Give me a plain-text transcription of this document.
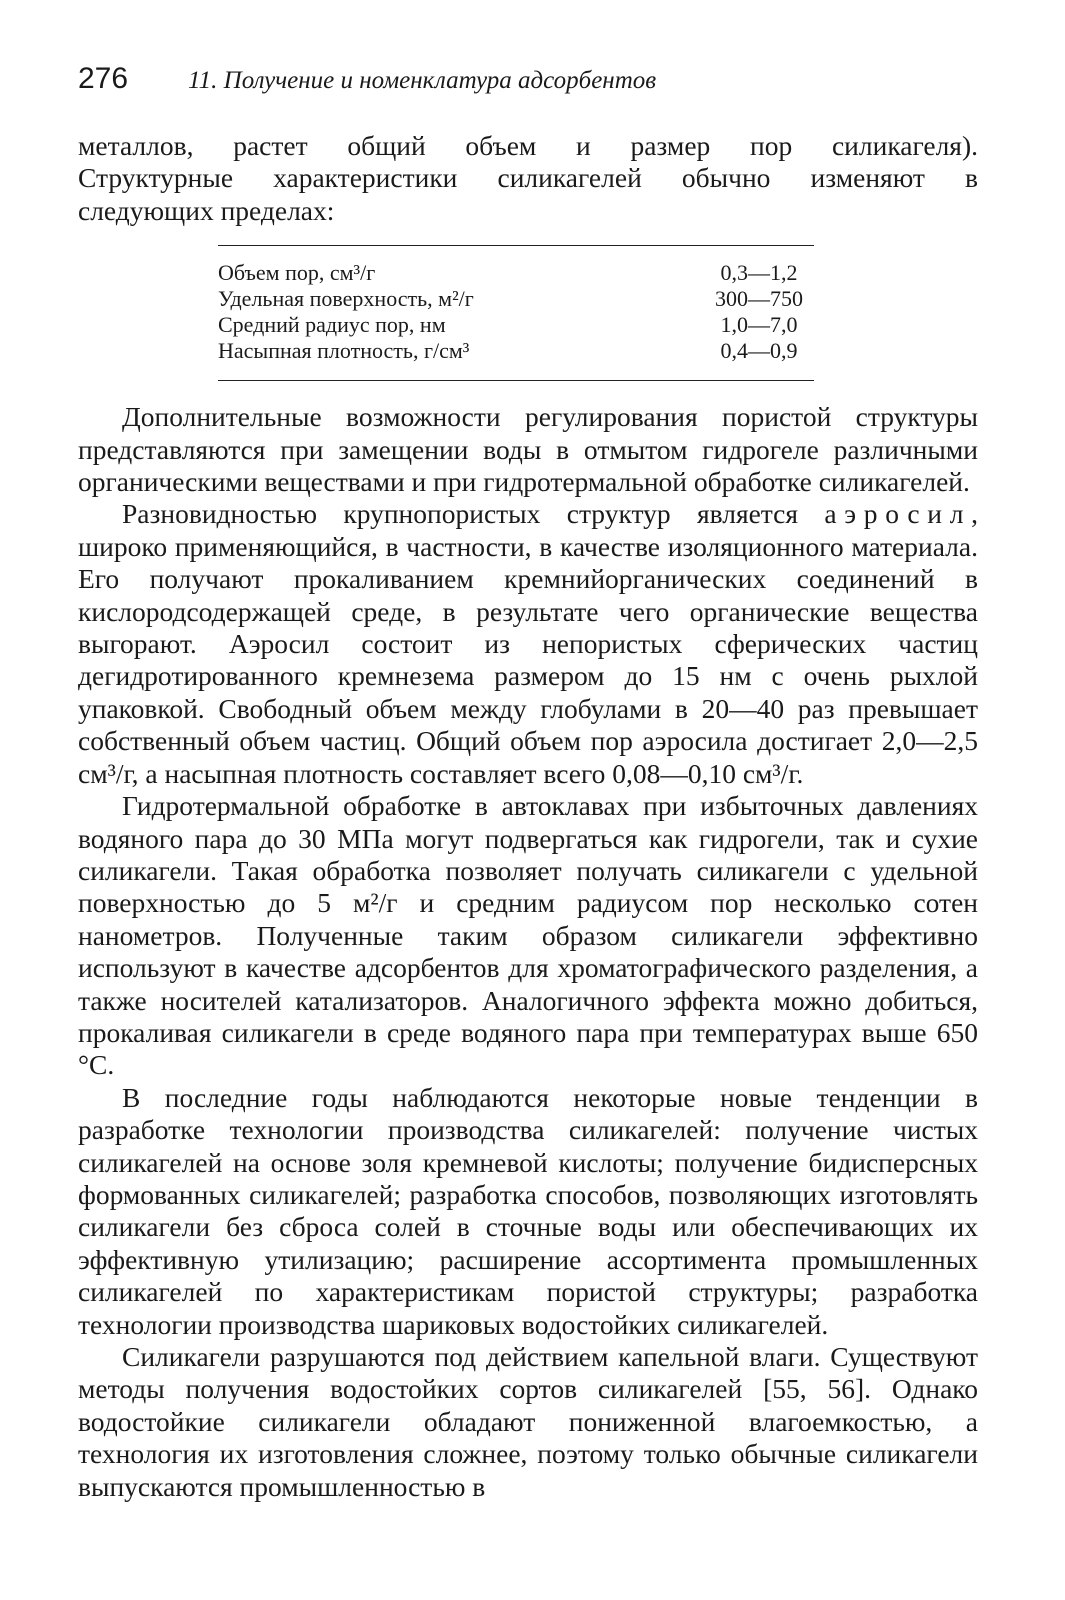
276	11. Получение и номенклатура адсорбентов

металлов, растет общий объем и размер пор силикагеля).

Структурные характеристики силикагелей обычно изменяют в

следующих пределах:

Объем пор, см³/г	0,3—1,2
Удельная поверхность, м²/г	300—750
Средний радиус пор, нм	1,0—7,0
Насыпная плотность, г/см³	0,4—0,9

Дополнительные возможности регулирования пористой структуры представляются при замещении воды в отмытом гидрогеле различными органическими веществами и при гидротермальной обработке силикагелей.

Разновидностью крупнопористых структур является аэросил, широко применяющийся, в частности, в качестве изоляционного материала. Его получают прокаливанием кремнийорганических соединений в кислородсодержащей среде, в результате чего органические вещества выгорают. Аэросил состоит из непористых сферических частиц дегидротированного кремнезема размером до 15 нм с очень рыхлой упаковкой. Свободный объем между глобулами в 20—40 раз превышает собственный объем частиц. Общий объем пор аэросила достигает 2,0—2,5 см³/г, а насыпная плотность составляет всего 0,08—0,10 см³/г.

Гидротермальной обработке в автоклавах при избыточных давлениях водяного пара до 30 МПа могут подвергаться как гидрогели, так и сухие силикагели. Такая обработка позволяет получать силикагели с удельной поверхностью до 5 м²/г и средним радиусом пор несколько сотен нанометров. Полученные таким образом силикагели эффективно используют в качестве адсорбентов для хроматографического разделения, а также носителей катализаторов. Аналогичного эффекта можно добиться, прокаливая силикагели в среде водяного пара при температурах выше 650 °С.

В последние годы наблюдаются некоторые новые тенденции в разработке технологии производства силикагелей: получение чистых силикагелей на основе золя кремневой кислоты; получение бидисперсных формованных силикагелей; разработка способов, позволяющих изготовлять силикагели без сброса солей в сточные воды или обеспечивающих их эффективную утилизацию; расширение ассортимента промышленных силикагелей по характеристикам пористой структуры; разработка технологии производства шариковых водостойких силикагелей.

Силикагели разрушаются под действием капельной влаги. Существуют методы получения водостойких сортов силикагелей [55, 56]. Однако водостойкие силикагели обладают пониженной влагоемкостью, а технология их изготовления сложнее, поэтому только обычные силикагели выпускаются промышленностью в
